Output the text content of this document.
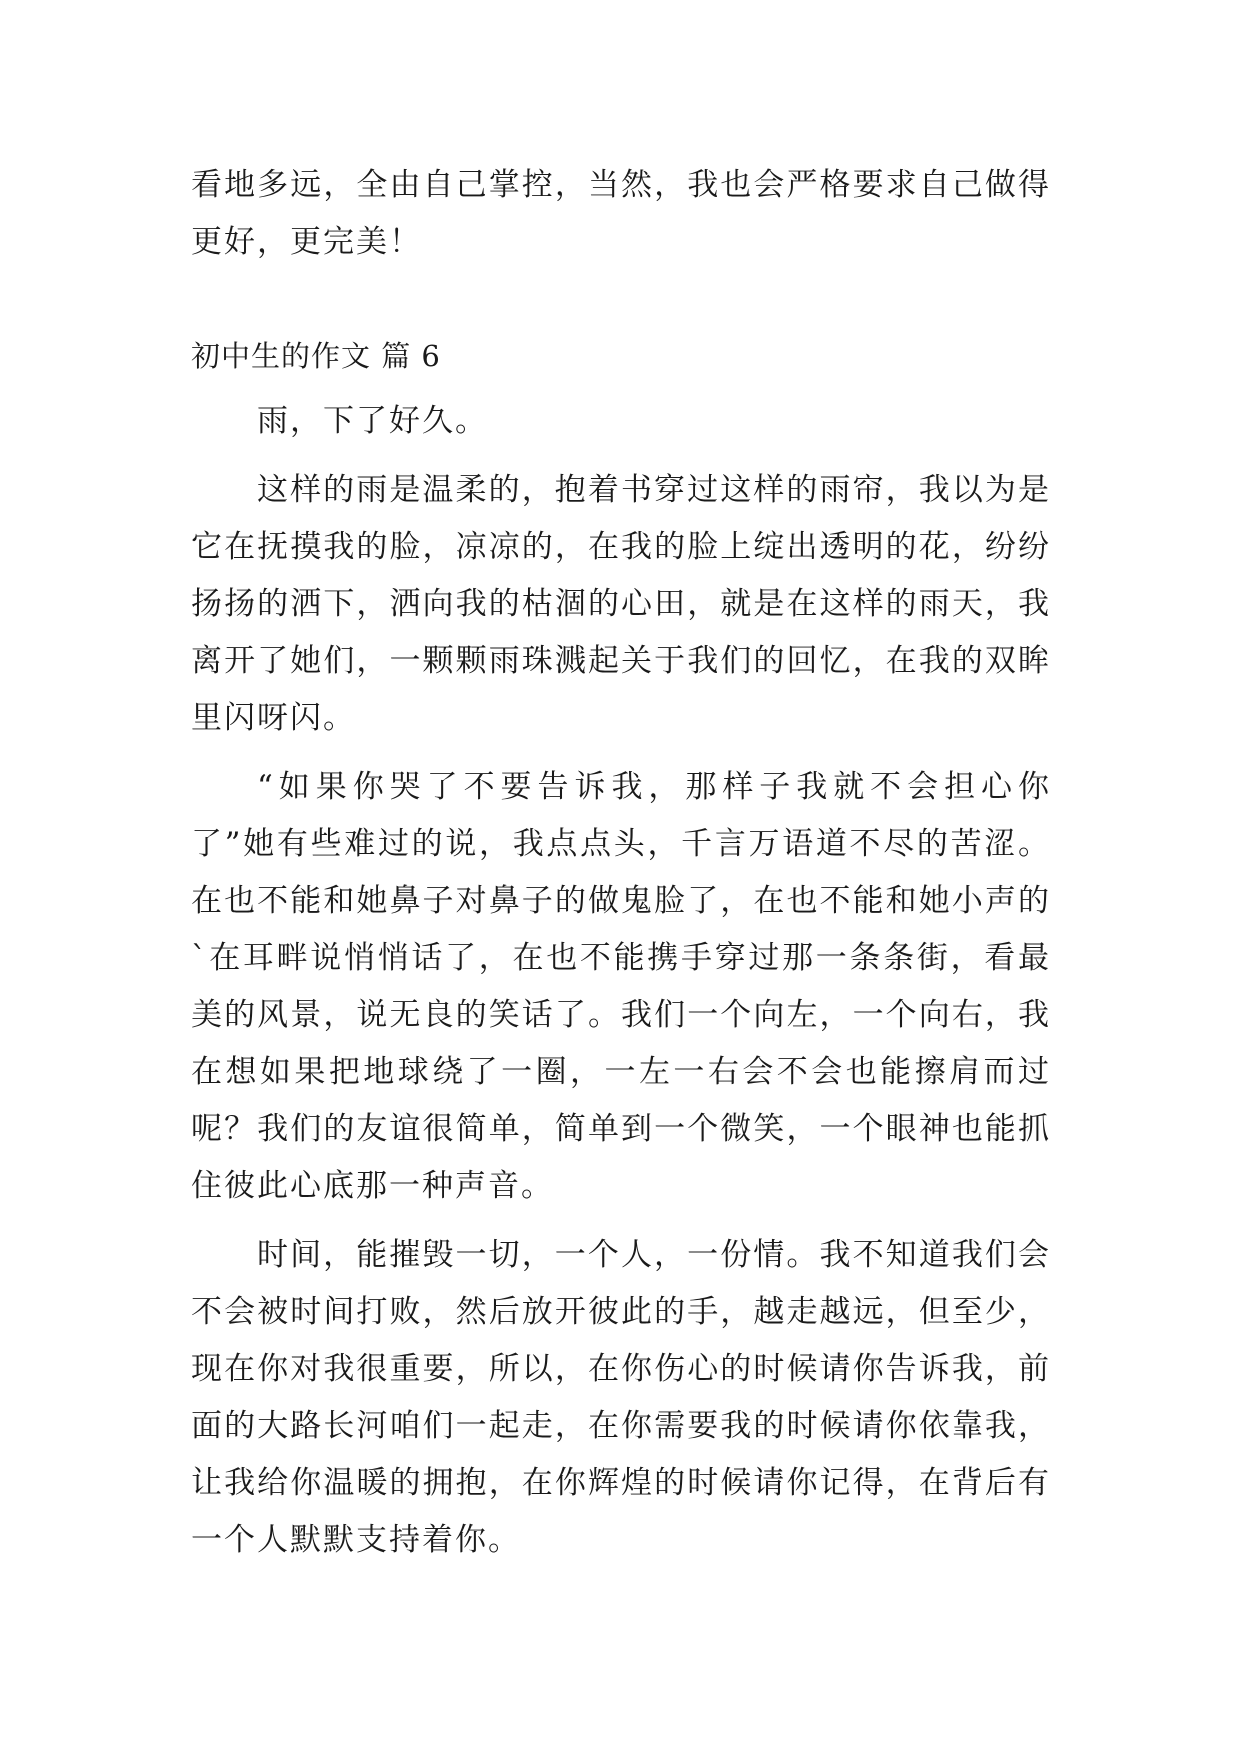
看地多远，全由自己掌控，当然，我也会严格要求自己做得更好，更完美！

初中生的作文 篇 6

雨，下了好久。

这样的雨是温柔的，抱着书穿过这样的雨帘，我以为是它在抚摸我的脸，凉凉的，在我的脸上绽出透明的花，纷纷扬扬的洒下，洒向我的枯涸的心田，就是在这样的雨天，我离开了她们，一颗颗雨珠溅起关于我们的回忆，在我的双眸里闪呀闪。

“如果你哭了不要告诉我，那样子我就不会担心你了”她有些难过的说，我点点头，千言万语道不尽的苦涩。在也不能和她鼻子对鼻子的做鬼脸了，在也不能和她小声的`在耳畔说悄悄话了，在也不能携手穿过那一条条街，看最美的风景，说无良的笑话了。我们一个向左，一个向右，我在想如果把地球绕了一圈，一左一右会不会也能擦肩而过呢？我们的友谊很简单，简单到一个微笑，一个眼神也能抓住彼此心底那一种声音。

时间，能摧毁一切，一个人，一份情。我不知道我们会不会被时间打败，然后放开彼此的手，越走越远，但至少，现在你对我很重要，所以，在你伤心的时候请你告诉我，前面的大路长河咱们一起走，在你需要我的时候请你依靠我，让我给你温暖的拥抱，在你辉煌的时候请你记得，在背后有一个人默默支持着你。
